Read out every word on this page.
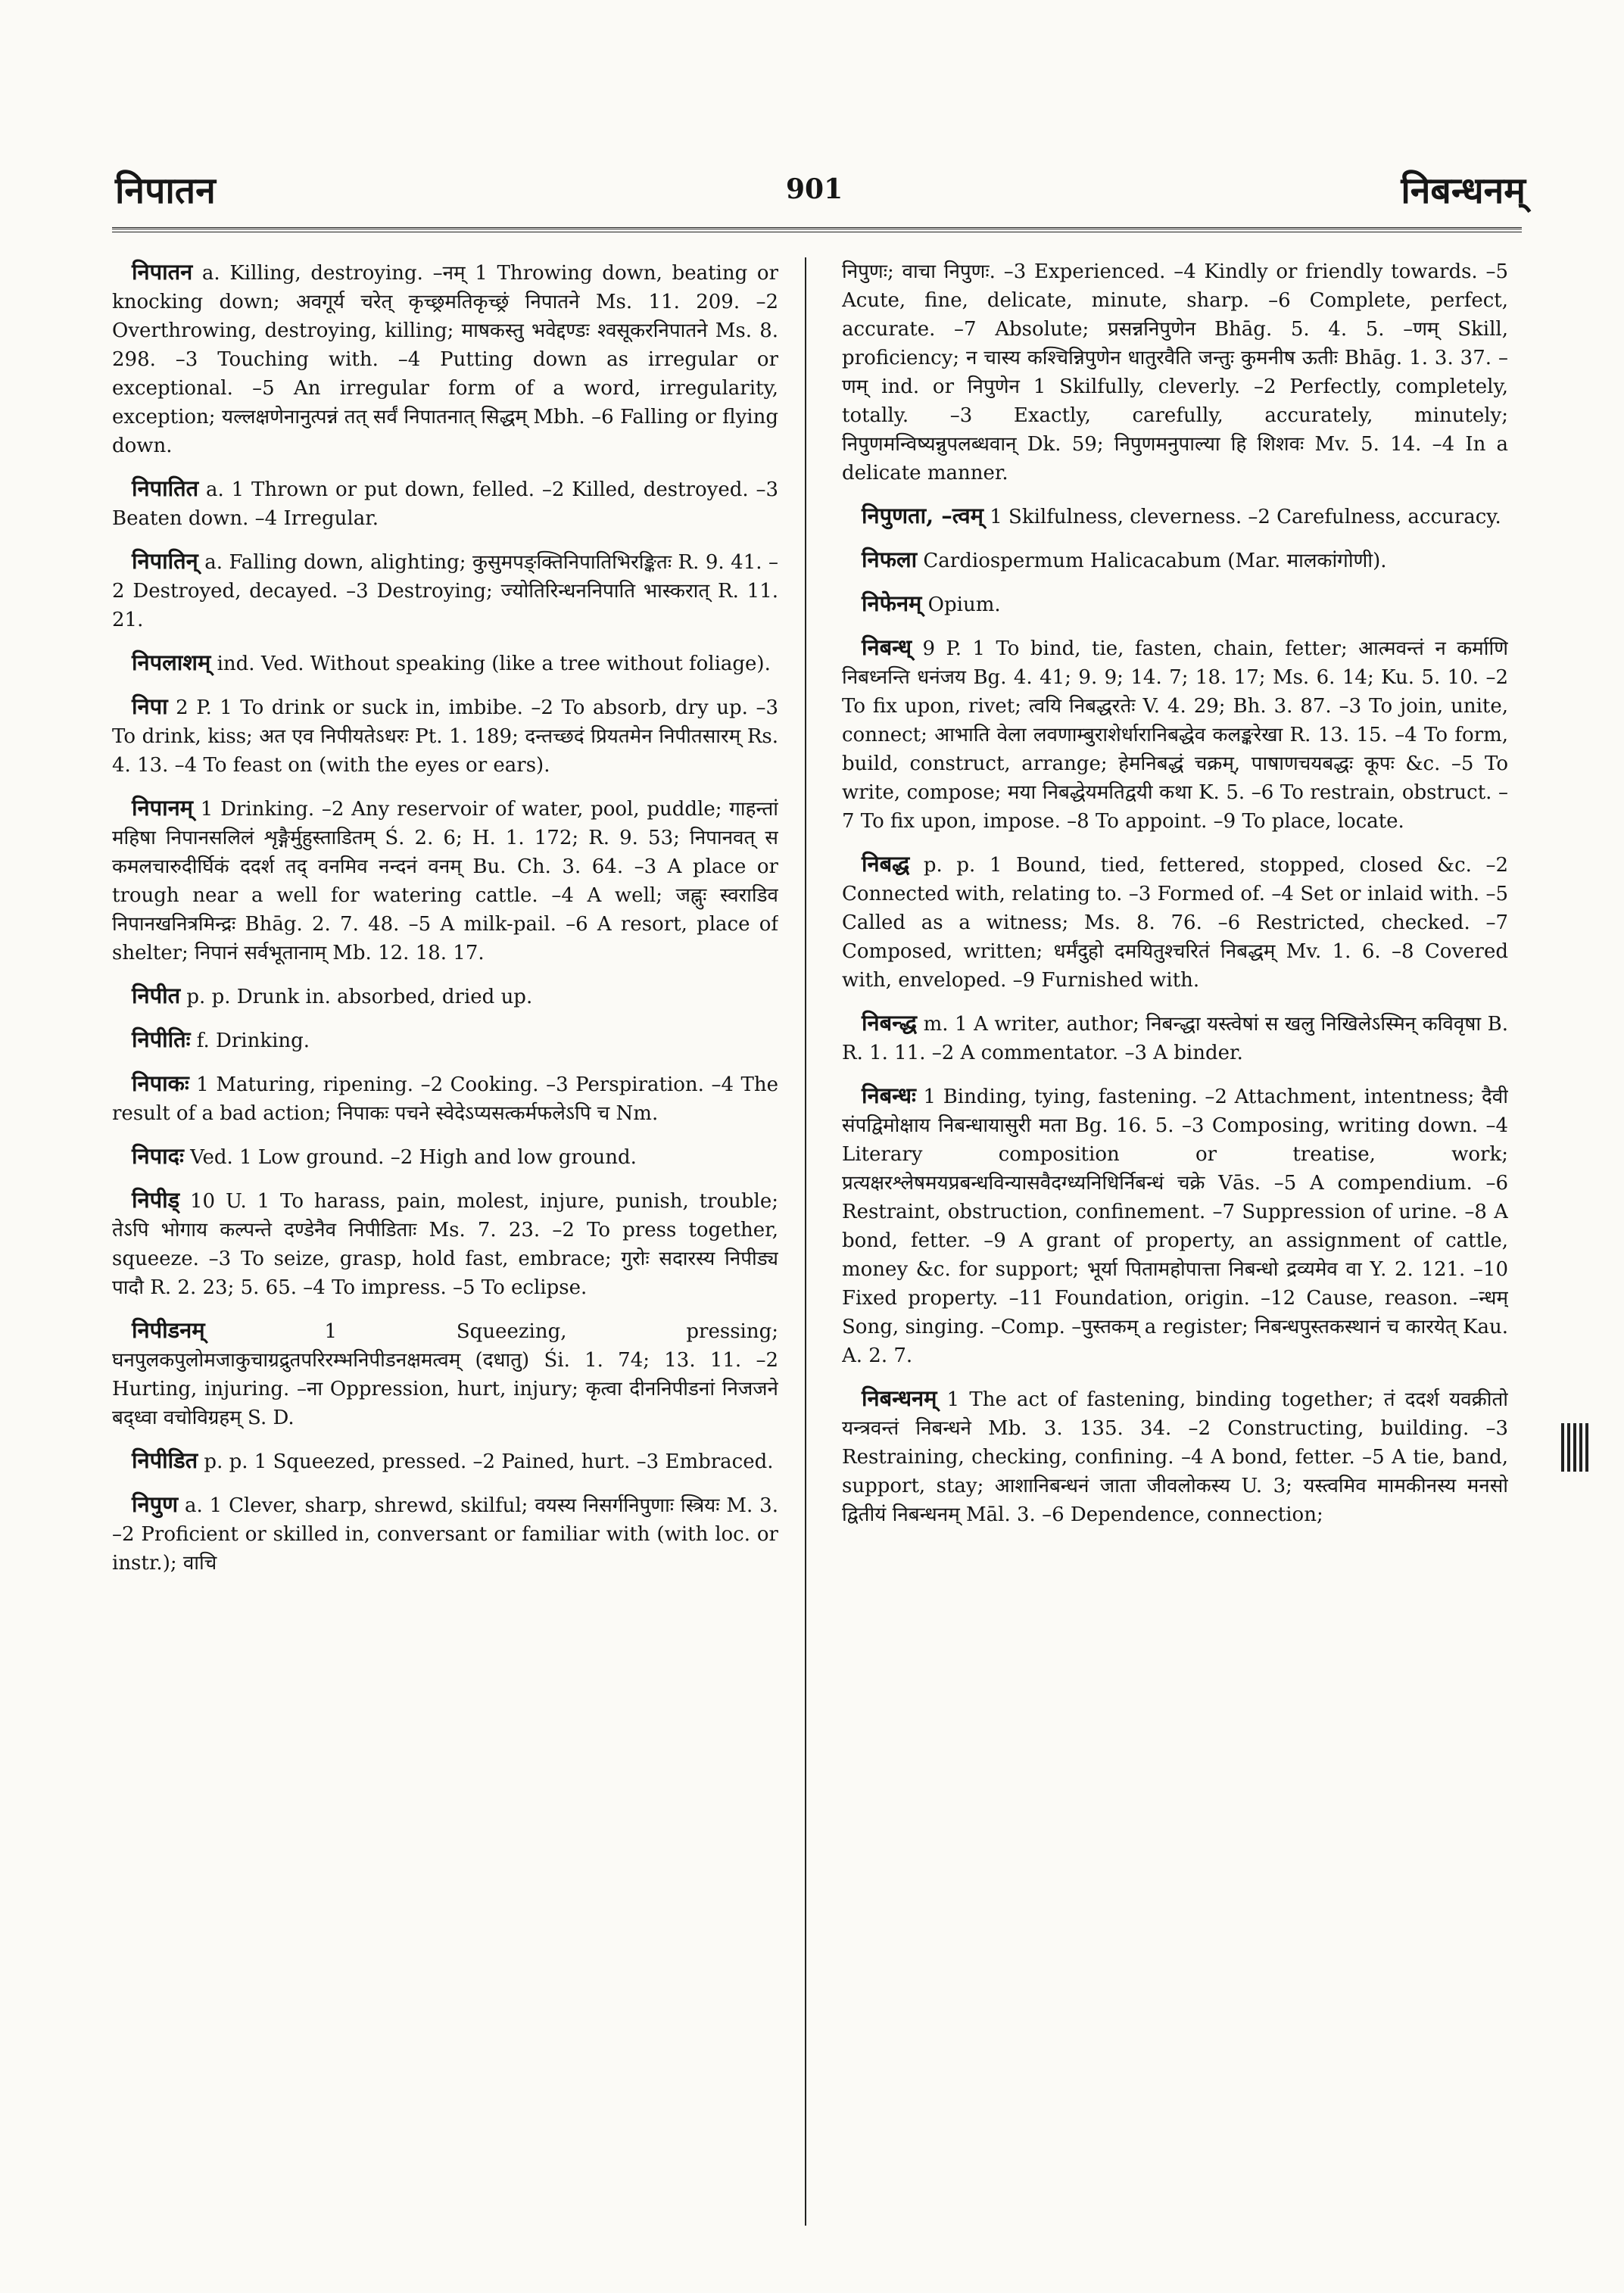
निपातन	901	निबन्धनम्

निपातन a. Killing, destroying. –नम् 1 Throwing down, beating or knocking down; अवगूर्य चरेत् कृच्छ्रमतिकृच्छ्रं निपातने Ms. 11. 209. –2 Overthrowing, destroying, killing; माषकस्तु भवेद्दण्डः श्वसूकरनिपातने Ms. 8. 298. –3 Touching with. –4 Putting down as irregular or exceptional. –5 An irregular form of a word, irregularity, exception; यल्लक्षणेनानुत्पन्नं तत् सर्वं निपातनात् सिद्धम् Mbh. –6 Falling or flying down.

निपातित a. 1 Thrown or put down, felled. –2 Killed, destroyed. –3 Beaten down. –4 Irregular.

निपातिन् a. Falling down, alighting; कुसुमपङ्क्तिनिपातिभिरङ्कितः R. 9. 41. –2 Destroyed, decayed. –3 Destroying; ज्योतिरिन्धननिपाति भास्करात् R. 11. 21.

निपलाशम् ind. Ved. Without speaking (like a tree without foliage).

निपा 2 P. 1 To drink or suck in, imbibe. –2 To absorb, dry up. –3 To drink, kiss; अत एव निपीयतेऽधरः Pt. 1. 189; दन्तच्छदं प्रियतमेन निपीतसारम् Rs. 4. 13. –4 To feast on (with the eyes or ears).

निपानम् 1 Drinking. –2 Any reservoir of water, pool, puddle; गाहन्तां महिषा निपानसलिलं शृङ्गैर्मुहुस्ताडितम् Ś. 2. 6; H. 1. 172; R. 9. 53; निपानवत् स कमलचारुदीर्घिकं ददर्श तद् वनमिव नन्दनं वनम् Bu. Ch. 3. 64. –3 A place or trough near a well for watering cattle. –4 A well; जह्नुः स्वराडिव निपानखनित्रमिन्द्रः Bhāg. 2. 7. 48. –5 A milk-pail. –6 A resort, place of shelter; निपानं सर्वभूतानाम् Mb. 12. 18. 17.

निपीत p. p. Drunk in. absorbed, dried up.

निपीतिः f. Drinking.

निपाकः 1 Maturing, ripening. –2 Cooking. –3 Perspiration. –4 The result of a bad action; निपाकः पचने स्वेदेऽप्यसत्कर्मफलेऽपि च Nm.

निपादः Ved. 1 Low ground. –2 High and low ground.

निपीड् 10 U. 1 To harass, pain, molest, injure, punish, trouble; तेऽपि भोगाय कल्पन्ते दण्डेनैव निपीडिताः Ms. 7. 23. –2 To press together, squeeze. –3 To seize, grasp, hold fast, embrace; गुरोः सदारस्य निपीड्य पादौ R. 2. 23; 5. 65. –4 To impress. –5 To eclipse.

निपीडनम्	1 Squeezing, pressing; घनपुलकपुलोमजाकुचाग्रद्रुतपरिरम्भनिपीडनक्षमत्वम् (दधातु) Śi. 1. 74; 13. 11. –2 Hurting, injuring. –ना Oppression, hurt, injury; कृत्वा दीननिपीडनां निजजने बद्ध्वा वचोविग्रहम् S. D.

निपीडित p. p. 1 Squeezed, pressed. –2 Pained, hurt. –3 Embraced.

निपुण a. 1 Clever, sharp, shrewd, skilful; वयस्य निसर्गनिपुणाः स्त्रियः M. 3. –2 Proficient or skilled in, conversant or familiar with (with loc. or instr.); वाचि

निपुणः; वाचा निपुणः. –3 Experienced. –4 Kindly or friendly towards. –5 Acute, fine, delicate, minute, sharp. –6 Complete, perfect, accurate. –7 Absolute; प्रसन्ननिपुणेन Bhāg. 5. 4. 5. –णम् Skill, proficiency; न चास्य कश्चिन्निपुणेन धातुरवैति जन्तुः कुमनीष ऊतीः Bhāg. 1. 3. 37. –णम् ind. or निपुणेन 1 Skilfully, cleverly. –2 Perfectly, completely, totally. –3 Exactly, carefully, accurately, minutely; निपुणमन्विष्यन्नुपलब्धवान् Dk. 59; निपुणमनुपाल्या हि शिशवः Mv. 5. 14. –4 In a delicate manner.

निपुणता, –त्वम् 1 Skilfulness, cleverness. –2 Carefulness, accuracy.

निफला Cardiospermum Halicacabum (Mar. मालकांगोणी).

निफेनम् Opium.

निबन्ध् 9 P. 1 To bind, tie, fasten, chain, fetter; आत्मवन्तं न कर्माणि निबध्नन्ति धनंजय Bg. 4. 41; 9. 9; 14. 7; 18. 17; Ms. 6. 14; Ku. 5. 10. –2 To fix upon, rivet; त्वयि निबद्धरतेः V. 4. 29; Bh. 3. 87. –3 To join, unite, connect; आभाति वेला लवणाम्बुराशेर्धारानिबद्धेव कलङ्करेखा R. 13. 15. –4 To form, build, construct, arrange; हेमनिबद्धं चक्रम्, पाषाणचयबद्धः कूपः &c. –5 To write, compose; मया निबद्धेयमतिद्वयी कथा K. 5. –6 To restrain, obstruct. –7 To fix upon, impose. –8 To appoint. –9 To place, locate.

निबद्ध p. p. 1 Bound, tied, fettered, stopped, closed &c. –2 Connected with, relating to. –3 Formed of. –4 Set or inlaid with. –5 Called as a witness; Ms. 8. 76. –6 Restricted, checked. –7 Composed, written; धर्मंदुहो दमयितुश्चरितं निबद्धम् Mv. 1. 6. –8 Covered with, enveloped. –9 Furnished with.

निबन्द्ध m. 1 A writer, author; निबन्द्धा यस्त्वेषां स खलु निखिलेऽस्मिन् कविवृषा B. R. 1. 11. –2 A commentator. –3 A binder.

निबन्धः 1 Binding, tying, fastening. –2 Attachment, intentness; दैवी संपद्विमोक्षाय निबन्धायासुरी मता Bg. 16. 5. –3 Composing, writing down. –4 Literary composition or treatise, work; प्रत्यक्षरश्लेषमयप्रबन्धविन्यासवैदग्ध्यनिधिर्निबन्धं चक्रे Vās. –5 A compendium. –6 Restraint, obstruction, confinement. –7 Suppression of urine. –8 A bond, fetter. –9 A grant of property, an assignment of cattle, money &c. for support; भूर्या पितामहोपात्ता निबन्धो द्रव्यमेव वा Y. 2. 121. –10 Fixed property. –11 Foundation, origin. –12 Cause, reason. –न्धम् Song, singing. –Comp. –पुस्तकम् a register; निबन्धपुस्तकस्थानं च कारयेत् Kau. A. 2. 7.

निबन्धनम् 1 The act of fastening, binding together; तं ददर्श यवक्रीतो यन्त्रवन्तं निबन्धने Mb. 3. 135. 34. –2 Constructing, building. –3 Restraining, checking, confining. –4 A bond, fetter. –5 A tie, band, support, stay; आशानिबन्धनं जाता जीवलोकस्य U. 3; यस्त्वमिव मामकीनस्य मनसो द्वितीयं निबन्धनम् Māl. 3. –6 Dependence, connection;
